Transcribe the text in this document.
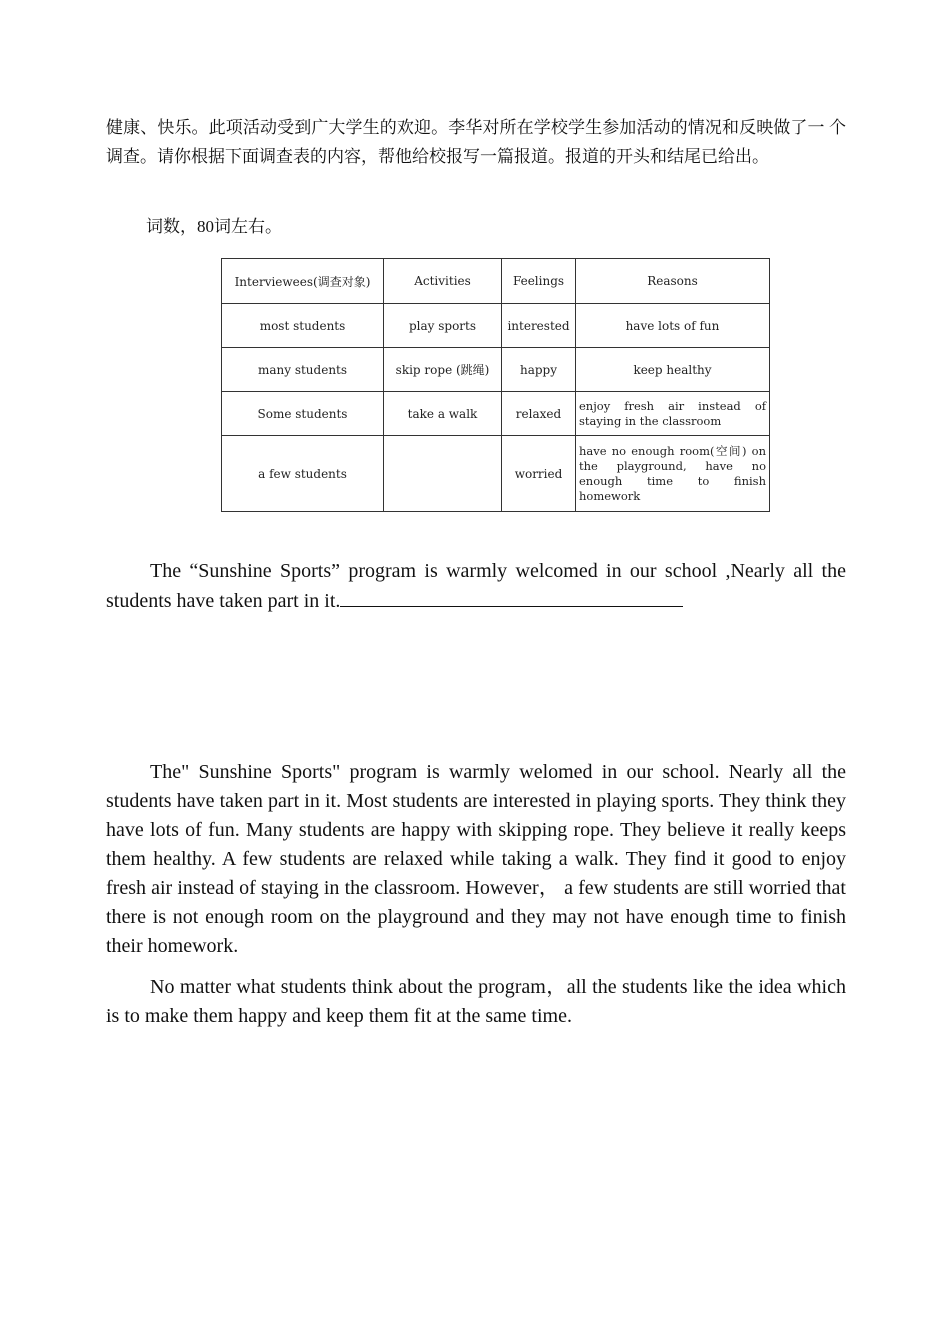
健康、快乐。此项活动受到广大学生的欢迎。李华对所在学校学生参加活动的情况和反映做了一 个调查。请你根据下面调查表的内容，帮他给校报写一篇报道。报道的开头和结尾已给出。

词数，80词左右。

Interviewees(调查对象)	Activities	Feelings	Reasons
most students	play sports	interested	have lots of fun
many students	skip rope (跳绳)	happy	keep healthy
Some students	take a walk	relaxed	enjoy fresh air instead of staying in the classroom
a few students		worried	have no enough room(空间) on the playground, have no enough time to finish homework

The “Sunshine Sports” program is warmly welcomed in our school ,Nearly all the students have taken part in it.

The" Sunshine Sports" program is warmly welomed in our school. Nearly all the students have taken part in it. Most students are interested in playing sports. They think they have lots of fun. Many students are happy with skipping rope. They believe it really keeps them healthy. A few students are relaxed while taking a walk. They find it good to enjoy fresh air instead of staying in the classroom. However， a few students are still worried that there is not enough room on the playground and they may not have enough time to finish their homework.

No matter what students think about the program，all the students like the idea which is to make them happy and keep them fit at the same time.
